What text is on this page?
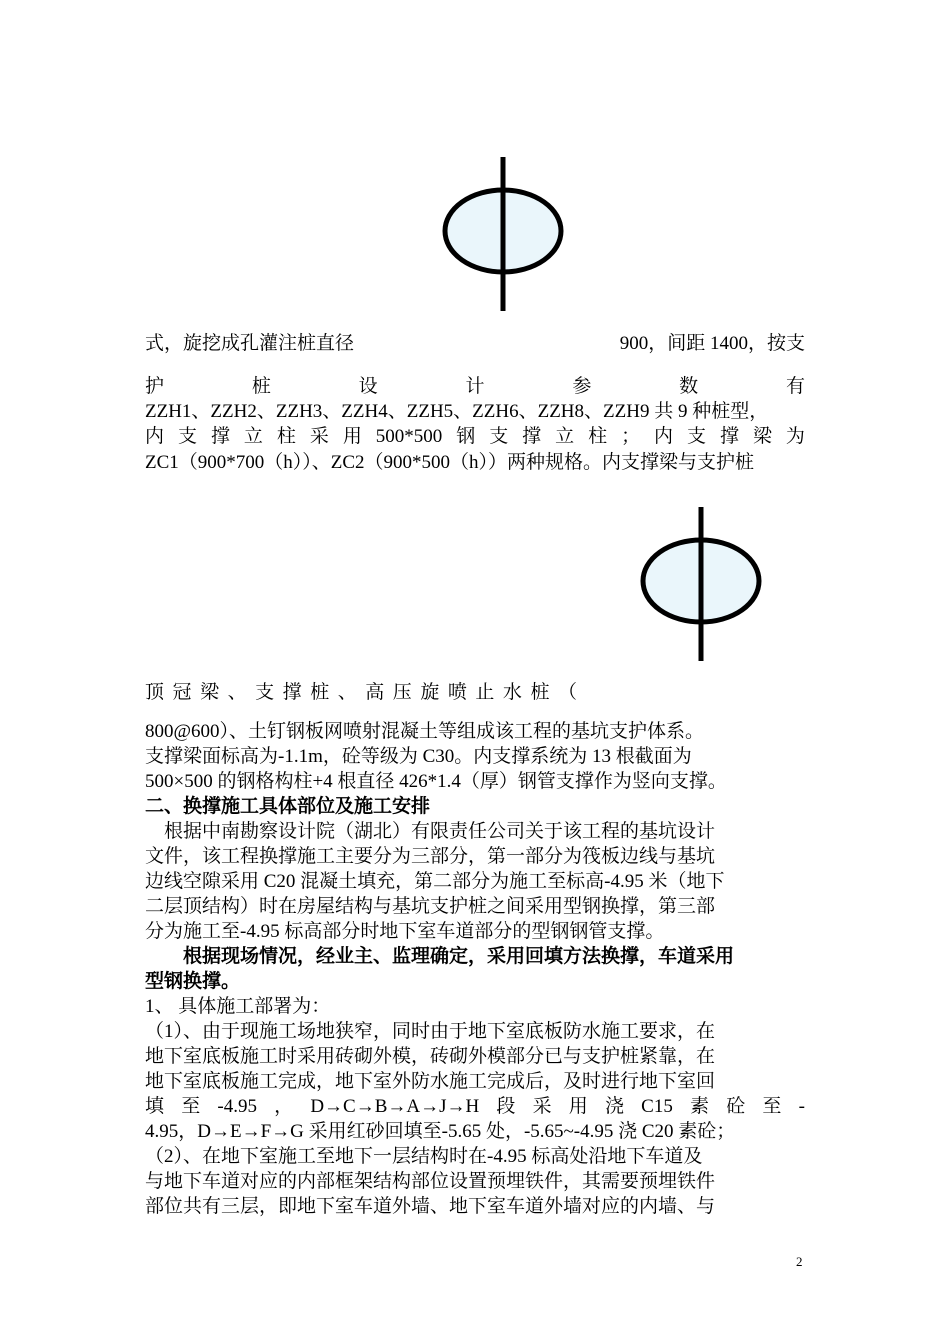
式，旋挖成孔灌注桩直径	900，间距 1400，按支
护	桩	设	计	参	数	有
ZZH1、ZZH2、ZZH3、ZZH4、ZZH5、ZZH6、ZZH8、ZZH9 共 9 种桩型，
内 支 撑 立 柱 采 用 500*500 钢 支 撑 立 柱 ； 内 支 撑 梁 为
ZC1（900*700（h））、ZC2（900*500（h））两种规格。内支撑梁与支护桩
顶 冠 梁 、 支 撑 桩 、 高 压 旋 喷 止 水 桩 （
800@600）、土钉钢板网喷射混凝土等组成该工程的基坑支护体系。
支撑梁面标高为-1.1m，砼等级为 C30。内支撑系统为 13 根截面为
500×500 的钢格构柱+4 根直径 426*1.4（厚）钢管支撑作为竖向支撑。
二、换撑施工具体部位及施工安排
　根据中南勘察设计院（湖北）有限责任公司关于该工程的基坑设计
文件，该工程换撑施工主要分为三部分，第一部分为筏板边线与基坑
边线空隙采用 C20 混凝土填充，第二部分为施工至标高-4.95 米（地下
二层顶结构）时在房屋结构与基坑支护桩之间采用型钢换撑，第三部
分为施工至-4.95 标高部分时地下室车道部分的型钢钢管支撑。
　　根据现场情况，经业主、监理确定，采用回填方法换撑，车道采用
型钢换撑。
1、 具体施工部署为：
（1）、由于现施工场地狭窄，同时由于地下室底板防水施工要求，在
地下室底板施工时采用砖砌外模，砖砌外模部分已与支护桩紧靠，在
地下室底板施工完成，地下室外防水施工完成后，及时进行地下室回
填 至 -4.95 ， D→C→B→A→J→H 段 采 用 浇 C15 素 砼 至 -
4.95，D→E→F→G 采用红砂回填至-5.65 处，-5.65~-4.95 浇 C20 素砼；
（2）、在地下室施工至地下一层结构时在-4.95 标高处沿地下车道及
与地下车道对应的内部框架结构部位设置预埋铁件，其需要预埋铁件
部位共有三层，即地下室车道外墙、地下室车道外墙对应的内墙、与
2
